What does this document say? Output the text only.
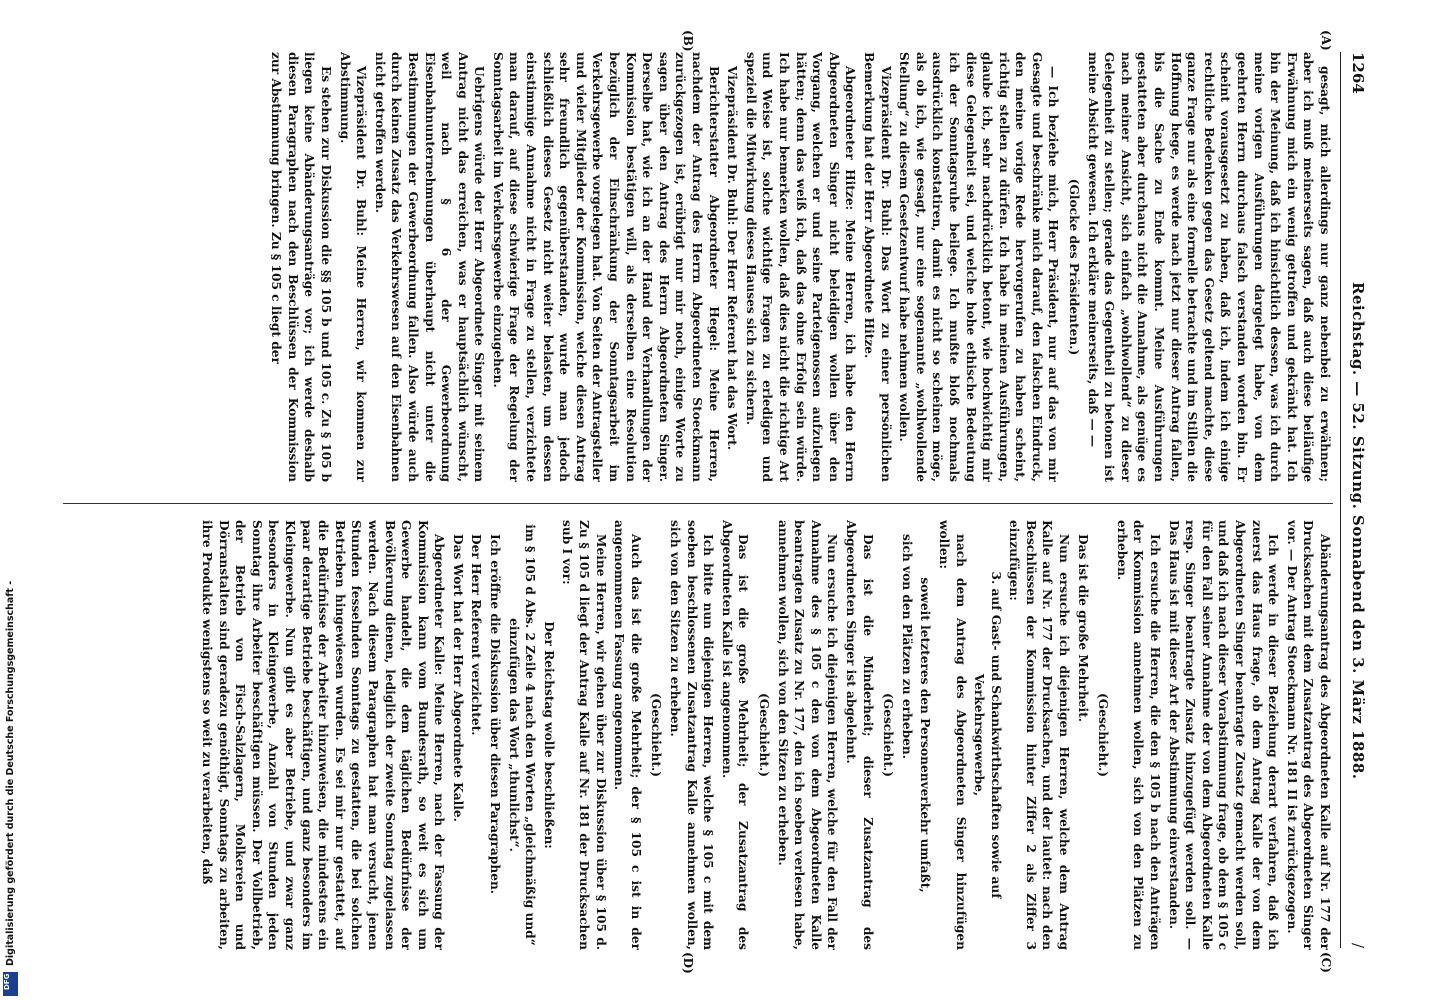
1264
Reichstag. — 52. Sitzung. Sonnabend den 3. März 1888.
/
(A)
(B)
(C)
(D)

gesagt, mich allerdings nur ganz nebenbei zu erwähnen; aber ich muß meinerseits sagen, daß auch diese beiläufige Erwähnung mich ein wenig getroffen und gekränkt hat. Ich bin der Meinung, daß ich hinsichtlich dessen, was ich durch meine vorigen Ausführungen dargelegt habe, von dem geehrten Herrn durchaus falsch verstanden worden bin. Er scheint vorausgesetzt zu haben, daß ich, indem ich einige rechtliche Bedenken gegen das Gesetz geltend machte, diese ganze Frage nur als eine formelle betrachte und im Stillen die Hoffnung hege, es werde nach jetzt nur dieser Antrag fallen, bis die Sache zu Ende kommt. Meine Ausführungen gestatteten aber durchaus nicht die Annahme, als genüge es nach meiner Ansicht, sich einfach „wohlwollend“ zu dieser Gelegenheit zu stellen; gerade das Gegentheil zu betonen ist meine Absicht gewesen. Ich erkläre meinerseits, daß — —

(Glocke des Präsidenten.)

— Ich beziehe mich, Herr Präsident, nur auf das von mir Gesagte und beschränke mich darauf, den falschen Eindruck, den meine vorige Rede hervorgerufen zu haben scheint, richtig stellen zu dürfen. Ich habe in meinen Ausführungen, glaube ich, sehr nachdrücklich betont, wie hochwichtig mir diese Gelegenheit sei, und welche hohe ethische Bedeutung ich der Sonntagsruhe beilege. Ich mußte bloß nochmals ausdrücklich konstatiren, damit es nicht so scheinen möge, als ob ich, wie gesagt, nur eine sogenannte „wohlwollende Stellung“ zu diesem Gesetzentwurf habe nehmen wollen.

Vizepräsident Dr. Buhl: Das Wort zu einer persönlichen Bemerkung hat der Herr Abgeordnete Hitze.

Abgeordneter Hitze: Meine Herren, ich habe den Herrn Abgeordneten Singer nicht beleidigen wollen über den Vorgang, welchen er und seine Parteigenossen aufzulegen hätten; denn das weiß ich, daß das ohne Erfolg sein würde. Ich habe nur bemerken wollen, daß dies nicht die richtige Art und Weise ist, solche wichtige Fragen zu erledigen und speziell die Mitwirkung dieses Hauses sich zu sichern.

Vizepräsident Dr. Buhl: Der Herr Referent hat das Wort.

Berichterstatter Abgeordneter Hegel: Meine Herren, nachdem der Antrag des Herrn Abgeordneten Stoeckmann zurückgezogen ist, erübrigt nur mir noch, einige Worte zu sagen über den Antrag des Herrn Abgeordneten Singer. Derselbe hat, wie ich an der Hand der Verhandlungen der Kommission bestätigen will, als derselben eine Resolution bezüglich der Einschränkung der Sonntagsarbeit im Verkehrsgewerbe vorgelegen hat. Von Seiten der Antragsteller und vieler Mitglieder der Kommission, welche diesen Antrag sehr freundlich gegenüberstanden, wurde man jedoch schließlich dieses Gesetz nicht weiter belasten, um dessen einstimmige Annahme nicht in Frage zu stellen, verzichtete man darauf, auf diese schwierige Frage der Regelung der Sonntagsarbeit im Verkehrsgewerbe einzugehen.

Uebrigens würde der Herr Abgeordnete Singer mit seinem Antrag nicht das erreichen, was er hauptsächlich wünscht, weil nach § 6 der Gewerbeordnung Eisenbahnunternehmungen überhaupt nicht unter die Bestimmungen der Gewerbeordnung fallen. Also würde auch durch keinen Zusatz das Verkehrswesen auf den Eisenbahnen nicht getroffen werden.

Vizepräsident Dr. Buhl: Meine Herren, wir kommen zur Abstimmung.

Es stehen zur Diskussion die §§ 105 b und 105 c. Zu § 105 b liegen keine Abänderungsanträge vor; ich werde deshalb diesen Paragraphen nach den Beschlüssen der Kommission zur Abstimmung bringen. Zu § 105 c liegt der

Abänderungsantrag des Abgeordneten Kalle auf Nr. 177 der Drucksachen mit dem Zusatzantrag des Abgeordneten Singer vor. — Der Antrag Stoeckmann Nr. 181 II ist zurückgezogen.

Ich werde in dieser Beziehung derart verfahren, daß ich zuerst das Haus frage, ob dem Antrag Kalle der von dem Abgeordneten Singer beantragte Zusatz gemacht werden soll, und daß ich nach dieser Vorabstimmung frage, ob dem § 105 c für den Fall seiner Annahme der von dem Abgeordneten Kalle resp. Singer beantragte Zusatz hinzugefügt werden soll. — Das Haus ist mit dieser Art der Abstimmung einverstanden.

Ich ersuche die Herren, die den § 105 b nach den Anträgen der Kommission annehmen wollen, sich von den Plätzen zu erheben.

(Geschieht.)

Das ist die große Mehrheit.

Nun ersuche ich diejenigen Herren, welche dem Antrag Kalle auf Nr. 177 der Drucksachen, und der lautet: nach den Beschlüssen der Kommission hinter Ziffer 2 als Ziffer 3 einzufügen:

3. auf Gast- und Schankwirthschaften sowie auf Verkehrsgewerbe,

nach dem Antrag des Abgeordneten Singer hinzufügen wollen:

soweit letzteres den Personenverkehr umfaßt,

sich von den Plätzen zu erheben.

(Geschieht.)

Das ist die Minderheit; dieser Zusatzantrag des Abgeordneten Singer ist abgelehnt.

Nun ersuche ich diejenigen Herren, welche für den Fall der Annahme des § 105 c den von dem Abgeordneten Kalle beantragten Zusatz zu Nr. 177, den ich soeben verlesen habe, annehmen wollen, sich von den Sitzen zu erheben.

(Geschieht.)

Das ist die große Mehrheit; der Zusatzantrag des Abgeordneten Kalle ist angenommen.

Ich bitte nun diejenigen Herren, welche § 105 c mit dem soeben beschlossenen Zusatzantrag Kalle annehmen wollen, sich von den Sitzen zu erheben.

(Geschieht.)

Auch das ist die große Mehrheit; der § 105 c ist in der angenommenen Fassung angenommen.

Meine Herren, wir gehen über zur Diskussion über § 105 d. Zu § 105 d liegt der Antrag Kalle auf Nr. 181 der Drucksachen sub I vor:

Der Reichstag wolle beschließen:

im § 105 d Abs. 2 Zeile 4 nach den Worten „gleichmäßig und“ einzufügen das Wort „thunlichst“.

Ich eröffne die Diskussion über diesen Paragraphen.

Der Herr Referent verzichtet.

Das Wort hat der Herr Abgeordnete Kalle.

Abgeordneter Kalle: Meine Herren, nach der Fassung der Kommission kann vom Bundesrath, so weit es sich um Gewerbe handelt, die dem täglichen Bedürfnisse der Bevölkerung dienen, lediglich der zweite Sonntag zugelassen werden. Nach diesem Paragraphen hat man versucht, jenen Stunden fesselnden Sonntags zu gestatten, die bei solchen Betrieben hingewiesen wurden. Es sei mir nur gestattet, auf die Bedürfnisse der Arbeiter hinzuweisen, die mindestens ein paar derartige Betriebe beschäftigen, und ganz besonders im Kleingewerbe. Nun gibt es aber Betriebe, und zwar ganz besonders in Kleingewerbe, Anzahl von Stunden jeden Sonntag ihre Arbeiter beschäftigen müssen. Der Vollbetrieb, der Betrieb von Fisch-Salzlagern, Molkereien und Dörranstalten sind geradezu genöthigt, Sonntags zu arbeiten, ihre Produkte wenigstens so weit zu verarbeiten, daß

Digitalisierung gefördert durch die Deutsche Forschungsgemeinschaft -
DFG
